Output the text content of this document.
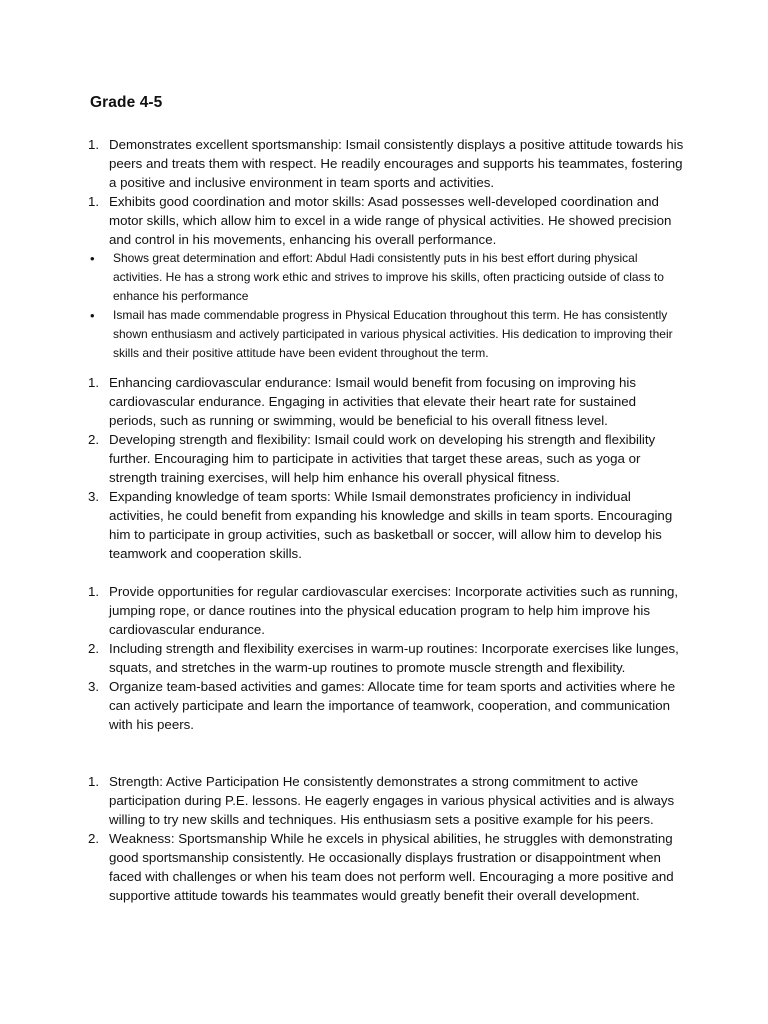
Grade 4-5
1. Demonstrates excellent sportsmanship: Ismail consistently displays a positive attitude towards his peers and treats them with respect. He readily encourages and supports his teammates, fostering a positive and inclusive environment in team sports and activities.
1. Exhibits good coordination and motor skills: Asad possesses well-developed coordination and motor skills, which allow him to excel in a wide range of physical activities. He showed precision and control in his movements, enhancing his overall performance.
• Shows great determination and effort: Abdul Hadi consistently puts in his best effort during physical activities. He has a strong work ethic and strives to improve his skills, often practicing outside of class to enhance his performance
• Ismail has made commendable progress in Physical Education throughout this term. He has consistently shown enthusiasm and actively participated in various physical activities. His dedication to improving their skills and their positive attitude have been evident throughout the term.
1. Enhancing cardiovascular endurance: Ismail would benefit from focusing on improving his cardiovascular endurance. Engaging in activities that elevate their heart rate for sustained periods, such as running or swimming, would be beneficial to his overall fitness level.
2. Developing strength and flexibility: Ismail could work on developing his strength and flexibility further. Encouraging him to participate in activities that target these areas, such as yoga or strength training exercises, will help him enhance his overall physical fitness.
3. Expanding knowledge of team sports: While Ismail demonstrates proficiency in individual activities, he could benefit from expanding his knowledge and skills in team sports. Encouraging him to participate in group activities, such as basketball or soccer, will allow him to develop his teamwork and cooperation skills.
1. Provide opportunities for regular cardiovascular exercises: Incorporate activities such as running, jumping rope, or dance routines into the physical education program to help him improve his cardiovascular endurance.
2. Including strength and flexibility exercises in warm-up routines: Incorporate exercises like lunges, squats, and stretches in the warm-up routines to promote muscle strength and flexibility.
3. Organize team-based activities and games: Allocate time for team sports and activities where he can actively participate and learn the importance of teamwork, cooperation, and communication with his peers.
1. Strength: Active Participation He consistently demonstrates a strong commitment to active participation during P.E. lessons. He eagerly engages in various physical activities and is always willing to try new skills and techniques. His enthusiasm sets a positive example for his peers.
2. Weakness: Sportsmanship While he excels in physical abilities, he struggles with demonstrating good sportsmanship consistently. He occasionally displays frustration or disappointment when faced with challenges or when his team does not perform well. Encouraging a more positive and supportive attitude towards his teammates would greatly benefit their overall development.
